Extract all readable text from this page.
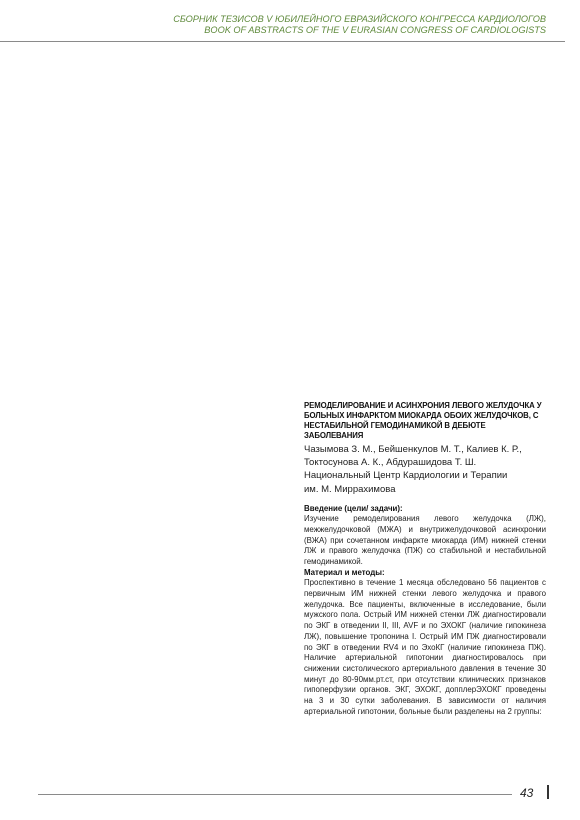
СБОРНИК ТЕЗИСОВ V ЮБИЛЕЙНОГО ЕВРАЗИЙСКОГО КОНГРЕССА КАРДИОЛОГОВ
BOOK OF ABSTRACTS OF THE V EURASIAN CONGRESS OF CARDIOLOGISTS
РЕМОДЕЛИРОВАНИЕ И АСИНХРОНИЯ ЛЕВОГО ЖЕЛУДОЧКА У БОЛЬНЫХ ИНФАРКТОМ МИОКАРДА ОБОИХ ЖЕЛУДОЧКОВ, С НЕСТАБИЛЬНОЙ ГЕМОДИНАМИКОЙ В ДЕБЮТЕ ЗАБОЛЕВАНИЯ
Чазымова З. М., Бейшенкулов М. Т., Калиев К. Р.,
Токтосунова А. К., Абдурашидова Т. Ш.
Национальный Центр Кардиологии и Терапии
им. М. Миррахимова
Введение (цели/ задачи):

Изучение ремоделирования левого желудочка (ЛЖ), межжелудочковой (МЖА) и внутрижелудочковой асинхронии (ВЖА) при сочетанном инфаркте миокарда (ИМ) нижней стенки ЛЖ и правого желудочка (ПЖ) со стабильной и нестабильной гемодинамикой.

Материал и методы:

Проспективно в течение 1 месяца обследовано 56 пациентов с первичным ИМ нижней стенки левого желудочка и правого желудочка. Все пациенты, включенные в исследование, были мужского пола. Острый ИМ нижней стенки ЛЖ диагностировали по ЭКГ в отведении II, III, AVF и по ЭХОКГ (наличие гипокинеза ЛЖ), повышение тропонина I. Острый ИМ ПЖ диагностировали по ЭКГ в отведении RV4 и по ЭхоКГ (наличие гипокинеза ПЖ). Наличие артериальной гипотонии диагностировалось при снижении систолического артериального давления в течение 30 минут до 80-90мм.рт.ст, при отсутствии клинических признаков гипоперфузии органов. ЭКГ, ЭХОКГ, допплерЭХОКГ проведены на 3 и 30 сутки заболевания. В зависимости от наличия артериальной гипотонии, больные были разделены на 2 группы:

43
